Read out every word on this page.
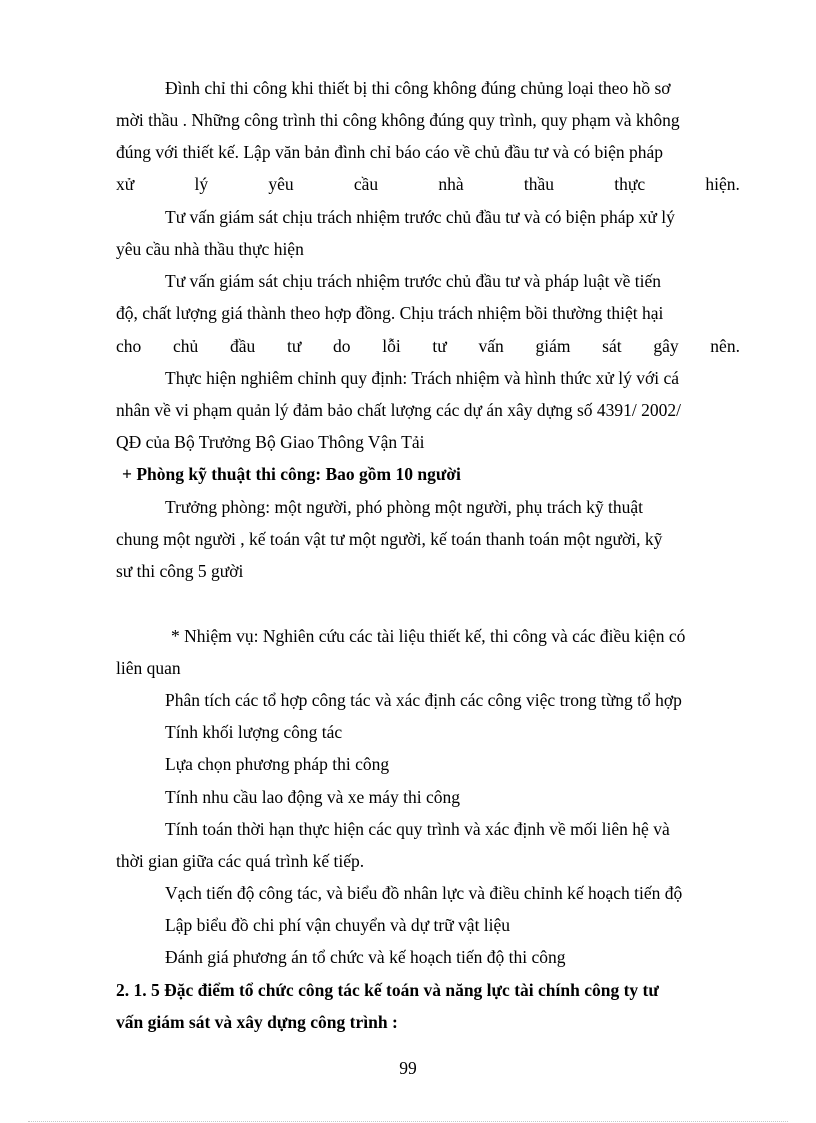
Đình chỉ thi công khi thiết bị thi công không đúng chủng loại theo hồ sơ
mời thầu . Những công trình thi công không đúng quy trình, quy phạm và không
đúng với thiết kế. Lập văn bản đình chỉ báo cáo về chủ đầu tư và có biện pháp
xử	lý	yêu	cầu	nhà	thầu	thực	hiện.
Tư vấn giám sát chịu trách nhiệm trước chủ đầu tư và có biện pháp xử lý
yêu cầu nhà thầu thực hiện
Tư vấn giám sát chịu trách nhiệm trước chủ đầu tư và pháp luật về tiến
độ, chất lượng giá thành theo hợp đồng. Chịu trách nhiệm bồi thường thiệt hại
cho chủ đầu tư do lỗi tư vấn giám sát gây nên.
Thực hiện nghiêm chỉnh quy định: Trách nhiệm và hình thức xử lý với cá
nhân về vi phạm quản lý đảm bảo chất lượng các dự án xây dựng số 4391/ 2002/
QĐ của Bộ Trưởng Bộ Giao Thông Vận Tải
+ Phòng kỹ thuật thi công: Bao gồm 10 người
Trưởng phòng: một người, phó phòng một người, phụ trách kỹ thuật
chung một người , kế toán vật tư một người, kế toán thanh toán một người, kỹ
sư thi công 5 gười
* Nhiệm vụ: Nghiên cứu các tài liệu thiết kế, thi công và các điều kiện có
liên quan
Phân tích các tổ hợp công tác và xác định các công việc trong từng tổ hợp
Tính khối lượng công tác
Lựa chọn phương pháp thi công
Tính nhu cầu lao động và xe máy thi công
Tính toán thời hạn thực hiện các quy trình và xác định về mối liên hệ và
thời gian giữa các quá trình kế tiếp.
Vạch tiến độ công tác, và biểu đồ nhân lực và điều chỉnh kế hoạch tiến độ
Lập biểu đồ chi phí vận chuyển và dự trữ vật liệu
Đánh giá phương án tổ chức và kế hoạch tiến độ thi công
2. 1. 5 Đặc điểm tổ chức công tác kế toán và năng lực tài chính công ty tư
vấn giám sát và xây dựng công trình :
99
